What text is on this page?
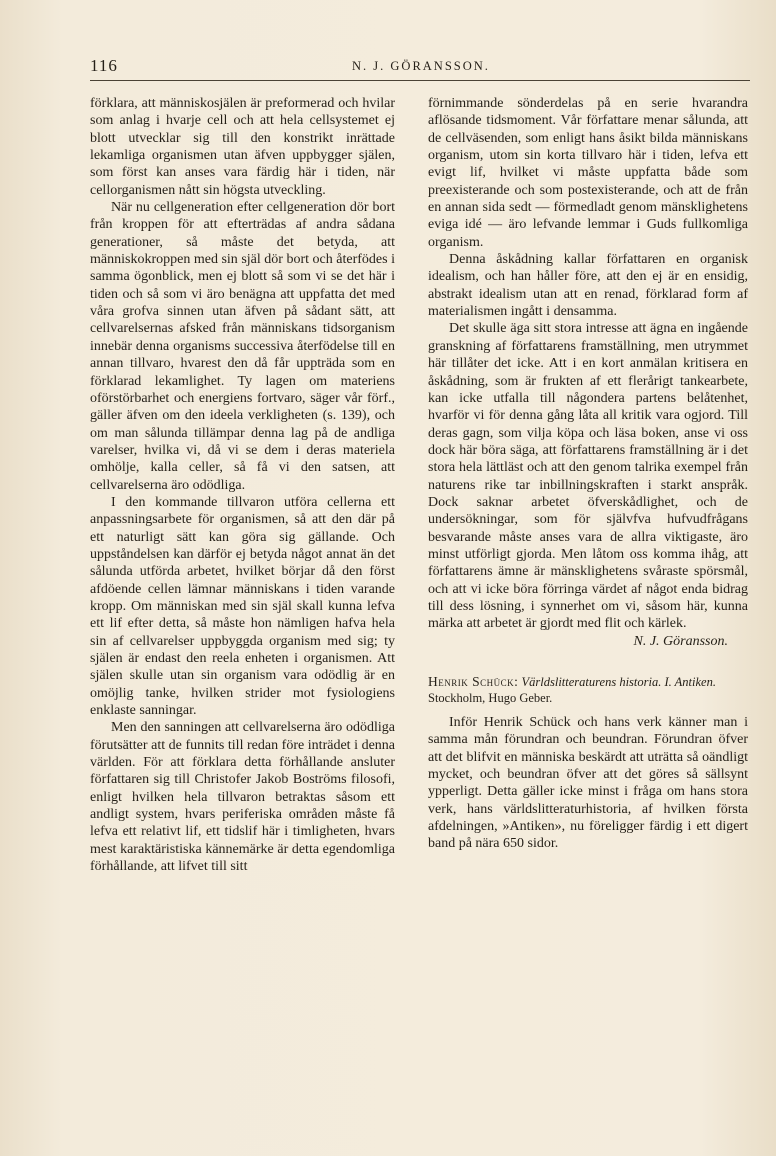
116	N. J. GÖRANSSON.

förklara, att människosjälen är preformerad och hvilar som anlag i hvarje cell och att hela cellsystemet ej blott utvecklar sig till den konstrikt inrättade lekamliga organismen utan äfven uppbygger själen, som först kan anses vara färdig här i tiden, när cellorganismen nått sin högsta utveckling.

När nu cellgeneration efter cellgeneration dör bort från kroppen för att efterträdas af andra sådana generationer, så måste det betyda, att människokroppen med sin själ dör bort och återfödes i samma ögonblick, men ej blott så som vi se det här i tiden och så som vi äro benägna att uppfatta det med våra grofva sinnen utan äfven på sådant sätt, att cellvarelsernas afsked från människans tidsorganism innebär denna organisms successiva återfödelse till en annan tillvaro, hvarest den då får uppträda som en förklarad lekamlighet. Ty lagen om materiens oförstörbarhet och energiens fortvaro, säger vår förf., gäller äfven om den ideela verkligheten (s. 139), och om man sålunda tillämpar denna lag på de andliga varelser, hvilka vi, då vi se dem i deras materiela omhölje, kalla celler, så få vi den satsen, att cellvarelserna äro odödliga.

I den kommande tillvaron utföra cellerna ett anpassningsarbete för organismen, så att den där på ett naturligt sätt kan göra sig gällande. Och uppståndelsen kan därför ej betyda något annat än det sålunda utförda arbetet, hvilket börjar då den först afdöende cellen lämnar människans i tiden varande kropp. Om människan med sin själ skall kunna lefva ett lif efter detta, så måste hon nämligen hafva hela sin af cellvarelser uppbyggda organism med sig; ty själen är endast den reela enheten i organismen. Att själen skulle utan sin organism vara odödlig är en omöjlig tanke, hvilken strider mot fysiologiens enklaste sanningar.

Men den sanningen att cellvarelserna äro odödliga förutsätter att de funnits till redan före inträdet i denna världen. För att förklara detta förhållande ansluter författaren sig till Christofer Jakob Boströms filosofi, enligt hvilken hela tillvaron betraktas såsom ett andligt system, hvars periferiska områden måste få lefva ett relativt lif, ett tidslif här i timligheten, hvars mest karaktäristiska kännemärke är detta egendomliga förhållande, att lifvet till sitt

förnimmande sönderdelas på en serie hvarandra aflösande tidsmoment. Vår författare menar sålunda, att de cellväsenden, som enligt hans åsikt bilda människans organism, utom sin korta tillvaro här i tiden, lefva ett evigt lif, hvilket vi måste uppfatta både som preexisterande och som postexisterande, och att de från en annan sida sedt — förmedladt genom mänsklighetens eviga idé — äro lefvande lemmar i Guds fullkomliga organism.

Denna åskådning kallar författaren en organisk idealism, och han håller före, att den ej är en ensidig, abstrakt idealism utan att en renad, förklarad form af materialismen ingått i densamma.

Det skulle äga sitt stora intresse att ägna en ingående granskning af författarens framställning, men utrymmet här tillåter det icke. Att i en kort anmälan kritisera en åskådning, som är frukten af ett flerårigt tankearbete, kan icke utfalla till någondera partens belåtenhet, hvarför vi för denna gång låta all kritik vara ogjord. Till deras gagn, som vilja köpa och läsa boken, anse vi oss dock här böra säga, att författarens framställning är i det stora hela lättläst och att den genom talrika exempel från naturens rike tar inbillningskraften i starkt anspråk. Dock saknar arbetet öfverskådlighet, och de undersökningar, som för självfva hufvudfrågans besvarande måste anses vara de allra viktigaste, äro minst utförligt gjorda. Men låtom oss komma ihåg, att författarens ämne är mänsklighetens svåraste spörsmål, och att vi icke böra förringa värdet af något enda bidrag till dess lösning, i synnerhet om vi, såsom här, kunna märka att arbetet är gjordt med flit och kärlek.

N. J. Göransson.

Henrik Schück: Världslitteraturens historia. I. Antiken. Stockholm, Hugo Geber.

Inför Henrik Schück och hans verk känner man i samma mån förundran och beundran. Förundran öfver att det blifvit en människa beskärdt att uträtta så oändligt mycket, och beundran öfver att det göres så sällsynt ypperligt. Detta gäller icke minst i fråga om hans stora verk, hans världslitteraturhistoria, af hvilken första afdelningen, »Antiken», nu föreligger färdig i ett digert band på nära 650 sidor.
